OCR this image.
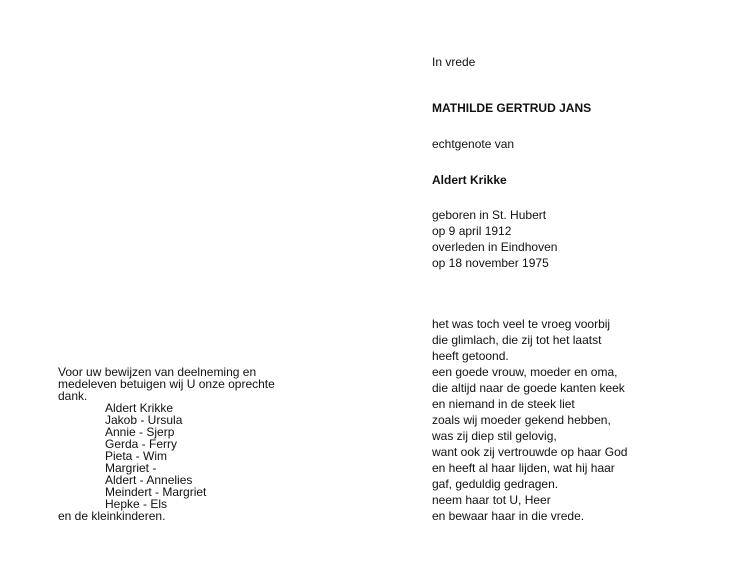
In vrede
MATHILDE GERTRUD JANS
echtgenote van
Aldert Krikke
geboren in St. Hubert
op 9 april 1912
overleden in Eindhoven
op 18 november 1975
het was toch veel te vroeg voorbij
die glimlach, die zij tot het laatst
heeft getoond.
een goede vrouw, moeder en oma,
die altijd naar de goede kanten keek
en niemand in de steek liet
zoals wij moeder gekend hebben,
was zij diep stil gelovig,
want ook zij vertrouwde op haar God
en heeft al haar lijden, wat hij haar
gaf, geduldig gedragen.
neem haar tot U, Heer
en bewaar haar in die vrede.
Voor uw bewijzen van deelneming en
medeleven betuigen wij U onze oprechte
dank.
Aldert Krikke
Jakob - Ursula
Annie - Sjerp
Gerda - Ferry
Pieta - Wim
Margriet -
Aldert - Annelies
Meindert - Margriet
Hepke - Els
en de kleinkinderen.
